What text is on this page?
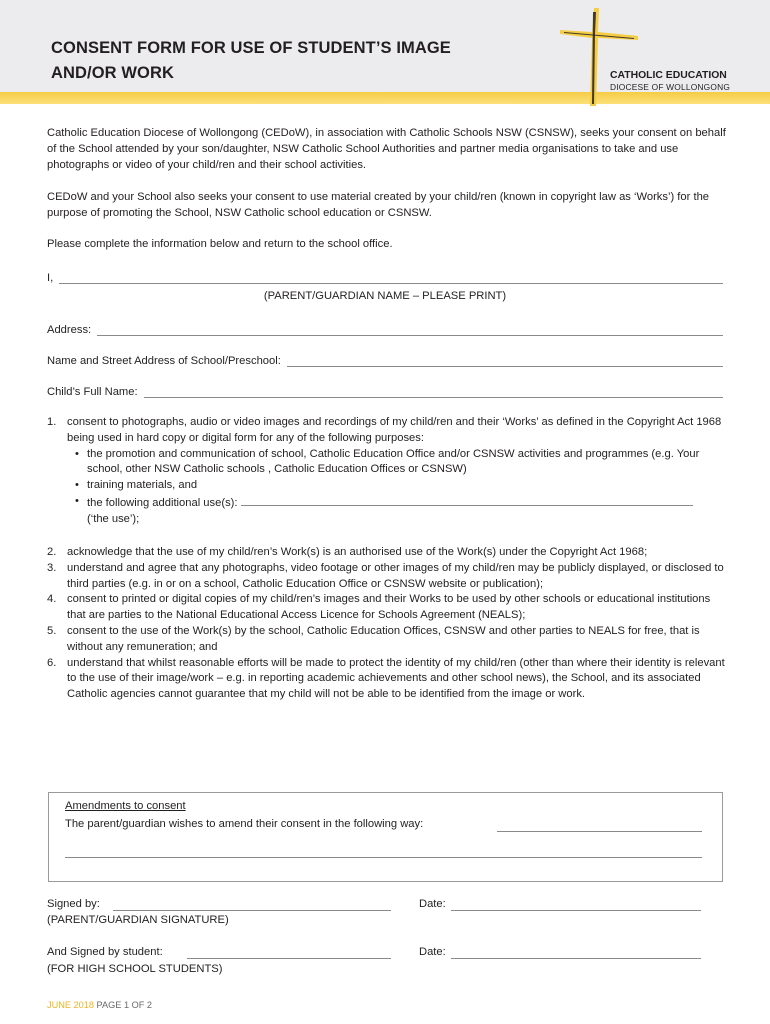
CONSENT FORM FOR USE OF STUDENT’S IMAGE
AND/OR WORK	CATHOLIC EDUCATION
DIOCESE OF WOLLONGONG
Catholic Education Diocese of Wollongong (CEDoW), in association with Catholic Schools NSW (CSNSW), seeks your consent on behalf of the School attended by your son/daughter, NSW Catholic School Authorities and partner media organisations to take and use photographs or video of your child/ren and their school activities.
CEDoW and your School also seeks your consent to use material created by your child/ren (known in copyright law as ‘Works’) for the purpose of promoting the School, NSW Catholic school education or CSNSW.
Please complete the information below and return to the school office.
I,
(PARENT/GUARDIAN NAME – PLEASE PRINT)
Address:
Name and Street Address of School/Preschool:
Child’s Full Name:
1. consent to photographs, audio or video images and recordings of my child/ren and their ‘Works’ as defined in the Copyright Act 1968 being used in hard copy or digital form for any of the following purposes:
• the promotion and communication of school, Catholic Education Office and/or CSNSW activities and programmes (e.g. Your school, other NSW Catholic schools , Catholic Education Offices or CSNSW)
• training materials, and
• the following additional use(s):
(‘the use’);
2. acknowledge that the use of my child/ren’s Work(s) is an authorised use of the Work(s) under the Copyright Act 1968;
3. understand and agree that any photographs, video footage or other images of my child/ren may be publicly displayed, or disclosed to third parties (e.g. in or on a school, Catholic Education Office or CSNSW website or publication);
4. consent to printed or digital copies of my child/ren’s images and their Works to be used by other schools or educational institutions that are parties to the National Educational Access Licence for Schools Agreement (NEALS);
5. consent to the use of the Work(s) by the school, Catholic Education Offices, CSNSW and other parties to NEALS for free, that is without any remuneration; and
6. understand that whilst reasonable efforts will be made to protect the identity of my child/ren (other than where their identity is relevant to the use of their image/work – e.g. in reporting academic achievements and other school news), the School, and its associated Catholic agencies cannot guarantee that my child will not be able to be identified from the image or work.
Amendments to consent
The parent/guardian wishes to amend their consent in the following way:
Signed by:
(PARENT/GUARDIAN SIGNATURE)
Date:
And Signed by student:
(FOR HIGH SCHOOL STUDENTS)
Date:
JUNE 2018 PAGE 1 OF 2
